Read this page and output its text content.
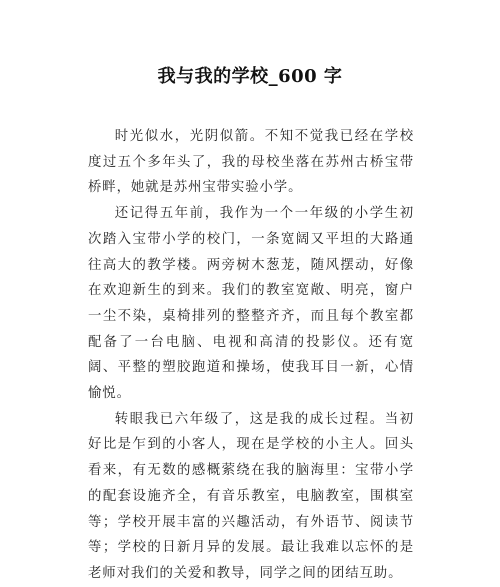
我与我的学校_600 字

时光似水，光阴似箭。不知不觉我已经在学校度过五个多年头了，我的母校坐落在苏州古桥宝带桥畔，她就是苏州宝带实验小学。

还记得五年前，我作为一个一年级的小学生初次踏入宝带小学的校门，一条宽阔又平坦的大路通往高大的教学楼。两旁树木葱茏，随风摆动，好像在欢迎新生的到来。我们的教室宽敞、明亮，窗户一尘不染，桌椅排列的整整齐齐，而且每个教室都配备了一台电脑、电视和高清的投影仪。还有宽阔、平整的塑胶跑道和操场，使我耳目一新，心情愉悦。

转眼我已六年级了，这是我的成长过程。当初好比是乍到的小客人，现在是学校的小主人。回头看来，有无数的感概萦绕在我的脑海里：宝带小学的配套设施齐全，有音乐教室，电脑教室，围棋室等；学校开展丰富的兴趣活动，有外语节、阅读节等；学校的日新月异的发展。最让我难以忘怀的是老师对我们的关爱和教导，同学之间的团结互助。
